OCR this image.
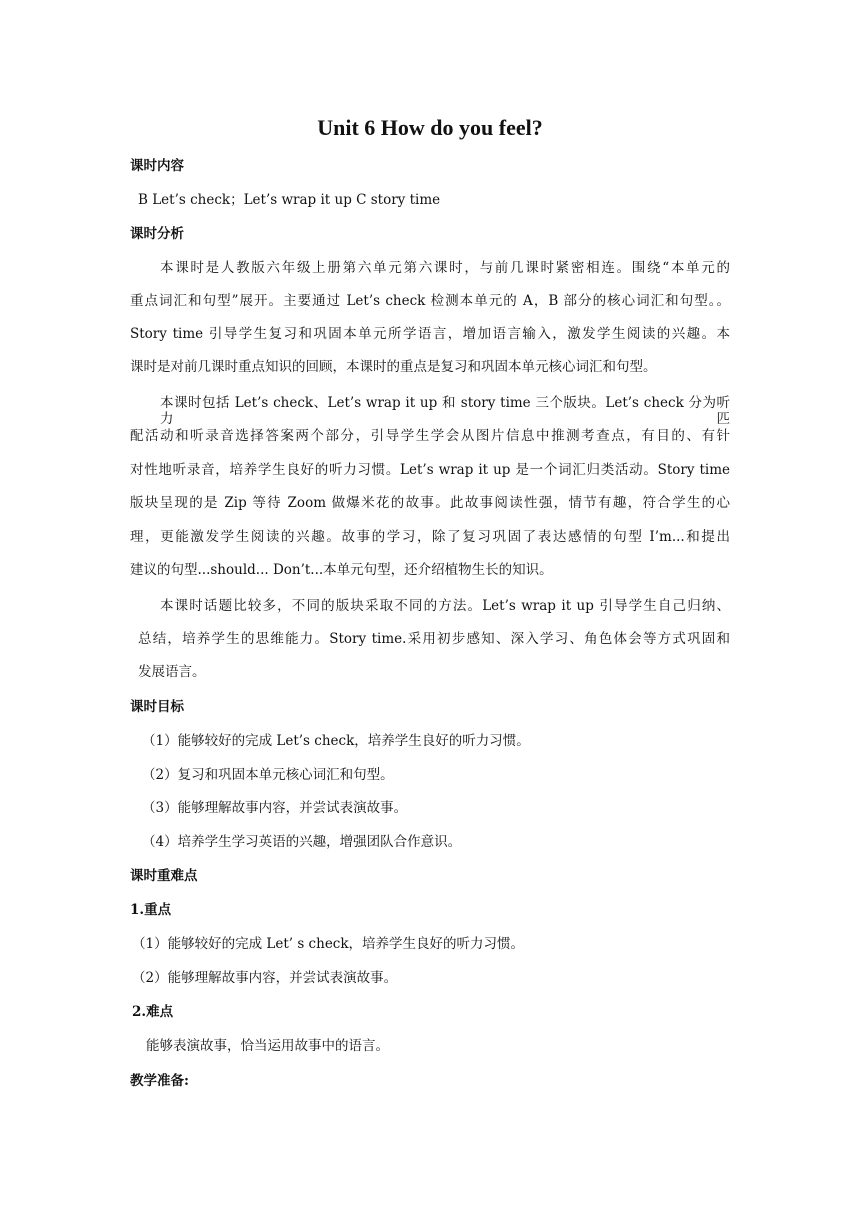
Unit 6 How do you feel?
课时内容
B Let’s check；Let’s wrap it up C story time
课时分析
本课时是人教版六年级上册第六单元第六课时，与前几课时紧密相连。围绕“本单元的
重点词汇和句型”展开。主要通过 Let’s check 检测本单元的 A，B 部分的核心词汇和句型。。
Story time 引导学生复习和巩固本单元所学语言，增加语言输入，激发学生阅读的兴趣。本
课时是对前几课时重点知识的回顾，本课时的重点是复习和巩固本单元核心词汇和句型。
本课时包括 Let’s check、Let’s wrap it up 和 story time 三个版块。Let’s check 分为听力匹
配活动和听录音选择答案两个部分，引导学生学会从图片信息中推测考查点，有目的、有针
对性地听录音，培养学生良好的听力习惯。Let’s wrap it up 是一个词汇归类活动。Story time
版块呈现的是 Zip 等待 Zoom 做爆米花的故事。此故事阅读性强，情节有趣，符合学生的心
理，更能激发学生阅读的兴趣。故事的学习，除了复习巩固了表达感情的句型 I’m...和提出
建议的句型...should... Don’t...本单元句型，还介绍植物生长的知识。
本课时话题比较多，不同的版块采取不同的方法。Let’s wrap it up 引导学生自己归纳、
总结，培养学生的思维能力。Story time.采用初步感知、深入学习、角色体会等方式巩固和
发展语言。
课时目标
（1）能够较好的完成 Let’s check，培养学生良好的听力习惯。
（2）复习和巩固本单元核心词汇和句型。
（3）能够理解故事内容，并尝试表演故事。
（4）培养学生学习英语的兴趣，增强团队合作意识。
课时重难点
1.重点
（1）能够较好的完成 Let’ s check，培养学生良好的听力习惯。
（2）能够理解故事内容，并尝试表演故事。
2.难点
能够表演故事，恰当运用故事中的语言。
教学准备:
